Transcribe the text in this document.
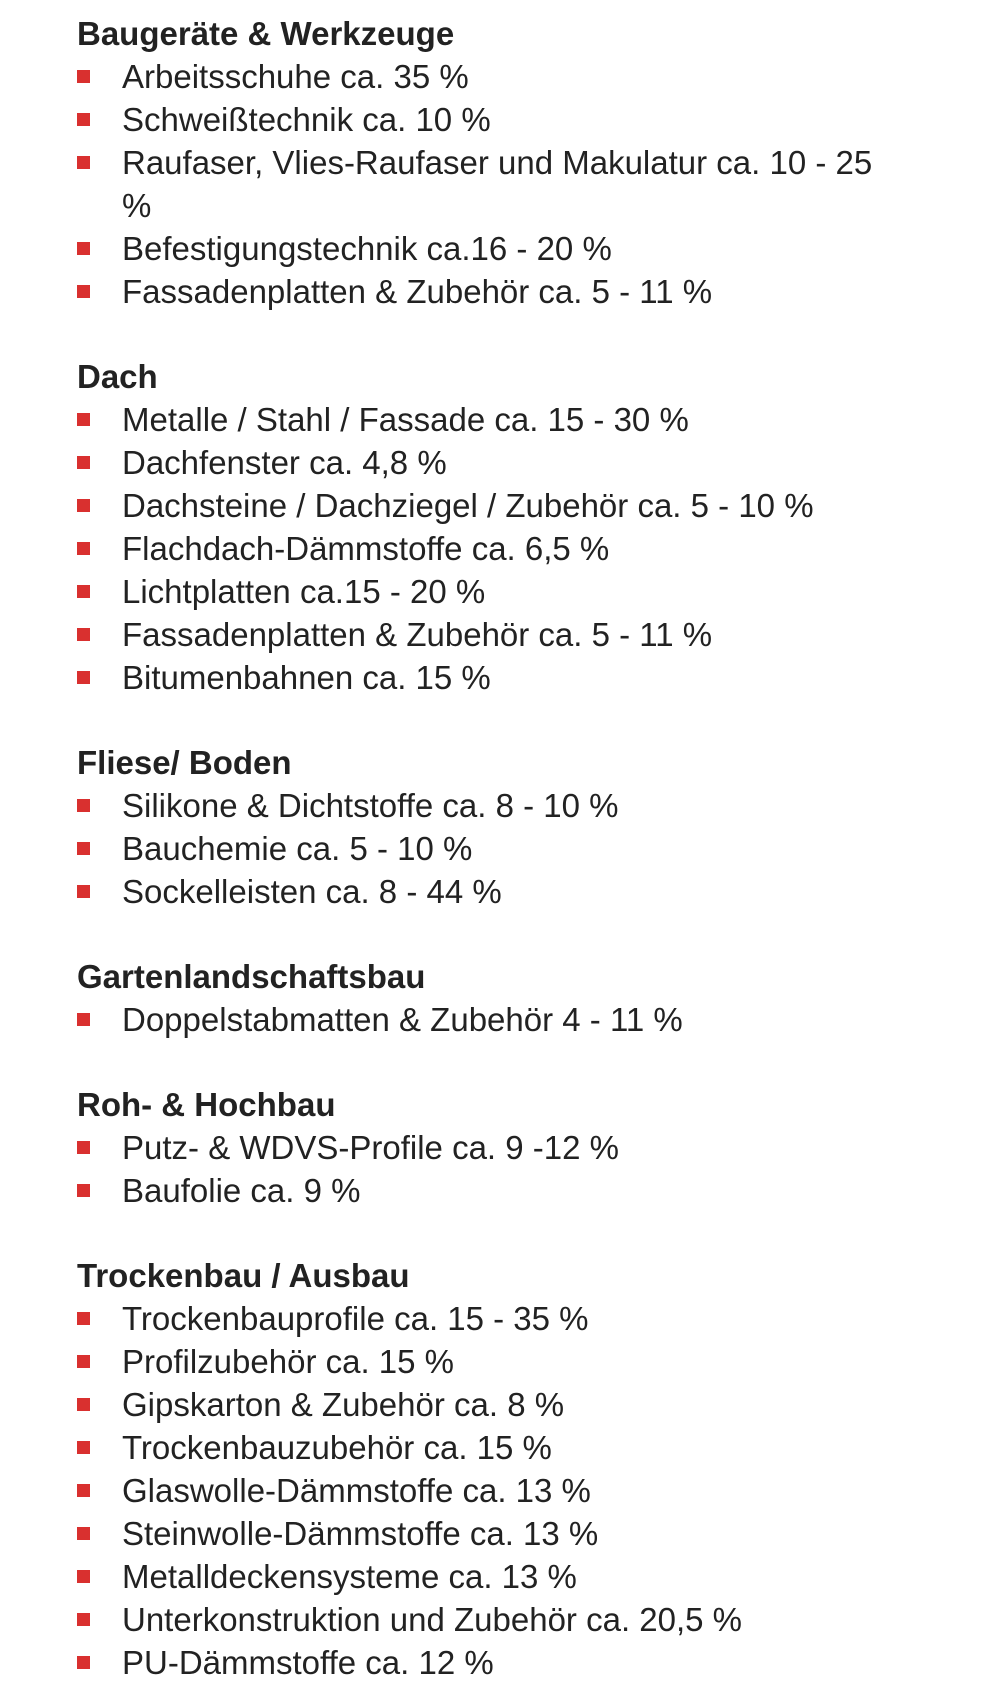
Baugeräte & Werkzeuge
Arbeitsschuhe ca. 35 %
Schweißtechnik ca. 10 %
Raufaser, Vlies-Raufaser und Makulatur ca. 10 - 25 %
Befestigungstechnik ca.16 - 20 %
Fassadenplatten & Zubehör ca. 5 - 11 %
Dach
Metalle / Stahl / Fassade ca. 15 - 30 %
Dachfenster ca. 4,8 %
Dachsteine / Dachziegel / Zubehör ca. 5 - 10 %
Flachdach-Dämmstoffe ca. 6,5 %
Lichtplatten ca.15 - 20 %
Fassadenplatten & Zubehör ca. 5 - 11 %
Bitumenbahnen ca. 15 %
Fliese/ Boden
Silikone & Dichtstoffe ca. 8 - 10 %
Bauchemie ca. 5 - 10 %
Sockelleisten ca. 8 - 44 %
Gartenlandschaftsbau
Doppelstabmatten & Zubehör 4 - 11 %
Roh- & Hochbau
Putz- & WDVS-Profile ca. 9 -12 %
Baufolie ca. 9 %
Trockenbau / Ausbau
Trockenbauprofile ca. 15 - 35 %
Profilzubehör ca. 15 %
Gipskarton & Zubehör ca. 8 %
Trockenbauzubehör ca. 15 %
Glaswolle-Dämmstoffe ca. 13 %
Steinwolle-Dämmstoffe ca. 13 %
Metalldeckensysteme ca. 13 %
Unterkonstruktion und Zubehör ca. 20,5 %
PU-Dämmstoffe ca. 12 %
